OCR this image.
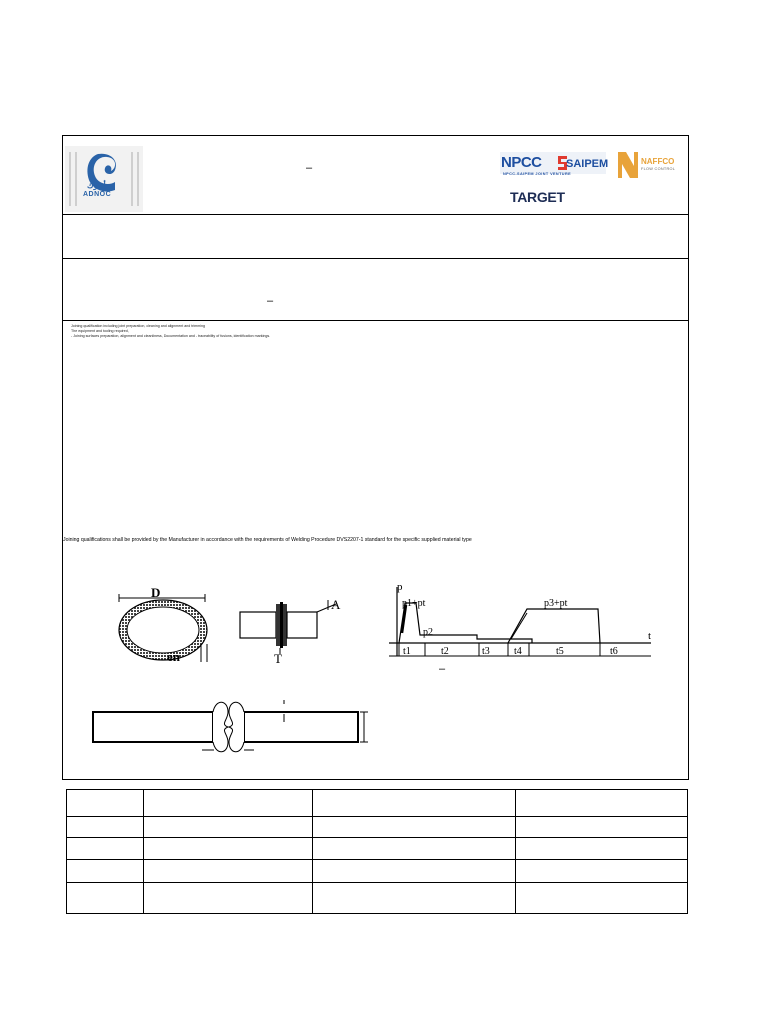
ADNOC
أدنوك
–	NPCC SAIPEM
NPCC-SAIPEM JOINT VENTURE
NAFFCO
FLOW CONTROL
TARGET
–
Joining qualification including joint preparation, cleaning and alignment and trimming
The equipment and tooling required,
- Joining surfaces preparation, alignment and cleanliness, Documentation and - traceability of fusions, identification markings.
Joining qualifications shall be provided by the Manufacturer in accordance with the requirements of Welding Procedure DVS2207-1 standard for the specific supplied material type
D
en
A
T
p
t
p1+pt
p2
p3+pt
t1	t2	t3 t4	t5	t6
–
